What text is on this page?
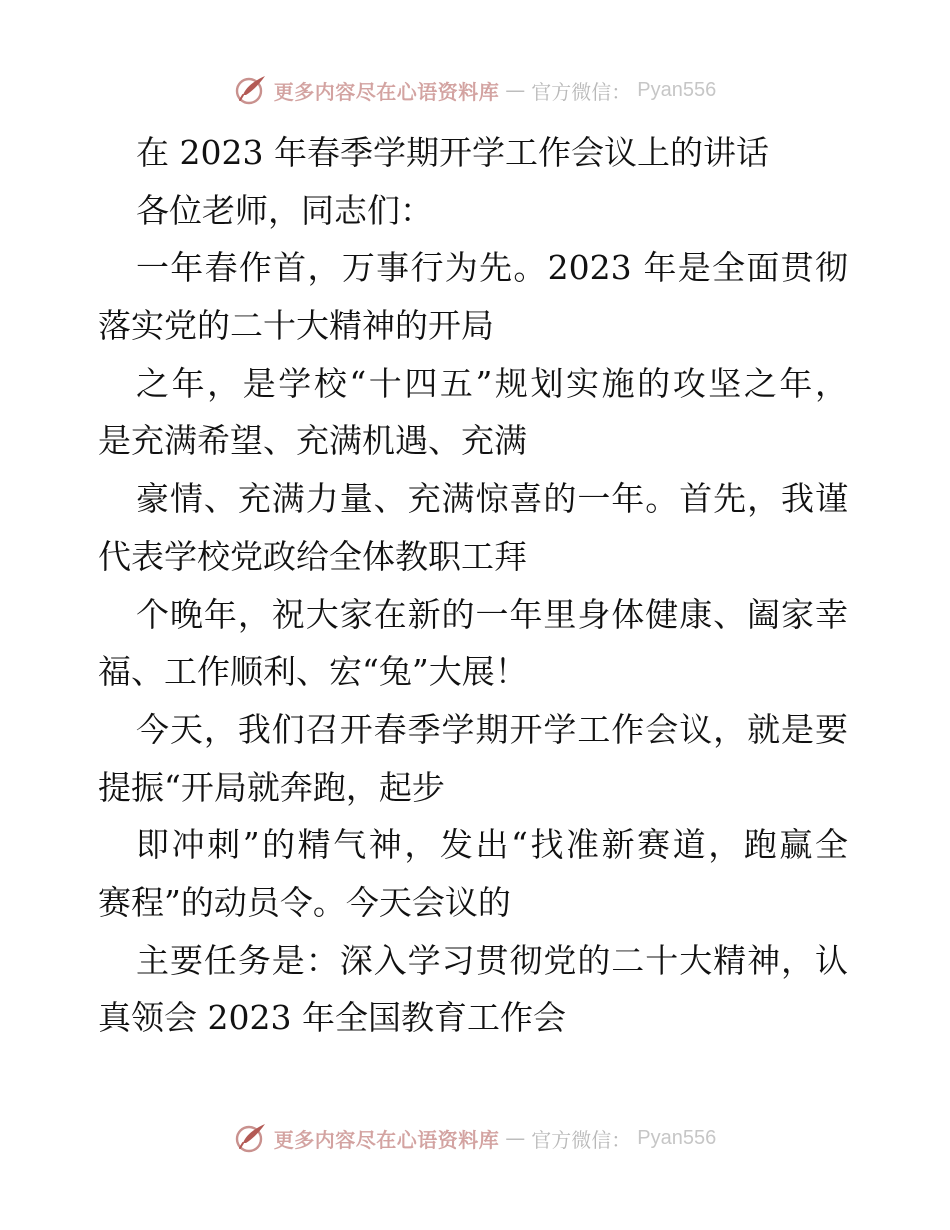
更多内容尽在心语资料库 — 官方微信： Pyan556
在 2023 年春季学期开学工作会议上的讲话
各位老师，同志们：
一年春作首，万事行为先。2023 年是全面贯彻
落实党的二十大精神的开局
之年，是学校“十四五”规划实施的攻坚之年，
是充满希望、充满机遇、充满
豪情、充满力量、充满惊喜的一年。首先，我谨
代表学校党政给全体教职工拜
个晚年，祝大家在新的一年里身体健康、阖家幸
福、工作顺利、宏“兔”大展！
今天，我们召开春季学期开学工作会议，就是要
提振“开局就奔跑，起步
即冲刺”的精气神，发出“找准新赛道，跑赢全
赛程”的动员令。今天会议的
主要任务是：深入学习贯彻党的二十大精神，认
真领会 2023 年全国教育工作会
更多内容尽在心语资料库 — 官方微信： Pyan556
